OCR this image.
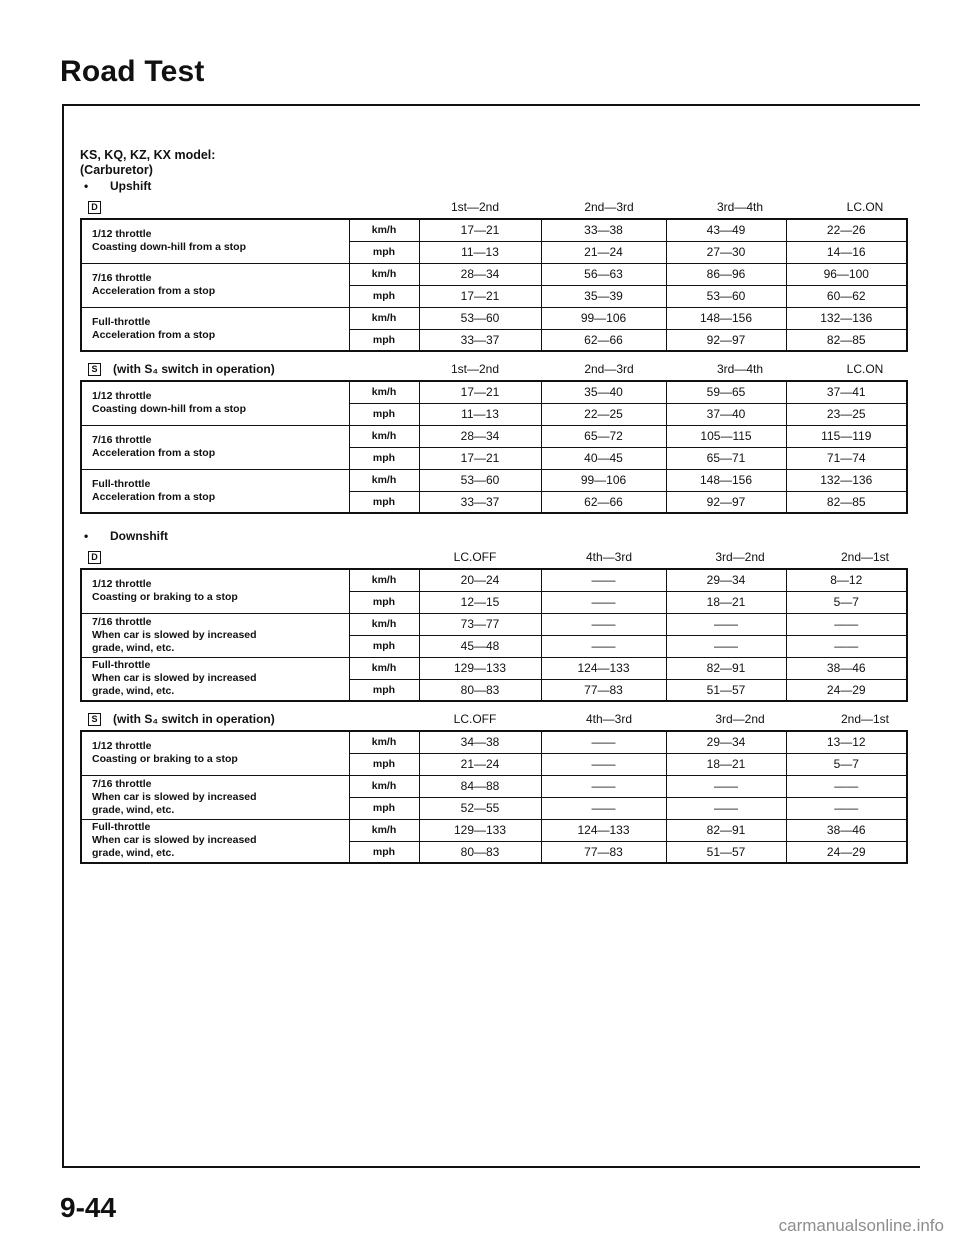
Road Test
KS, KQ, KZ, KX model:
(Carburetor)
• Upshift
D	1st—2nd	2nd—3rd	3rd—4th	LC.ON
1/12 throttle
Coasting down-hill from a stop	km/h	17—21	33—38	43—49	22—26
	mph	11—13	21—24	27—30	14—16

7/16 throttle
Acceleration from a stop	km/h	28—34	56—63	86—96	96—100
	mph	17—21	35—39	53—60	60—62

Full-throttle
Acceleration from a stop	km/h	53—60	99—106	148—156	132—136
	mph	33—37	62—66	92—97	82—85
S (with S₄ switch in operation)	1st—2nd	2nd—3rd	3rd—4th	LC.ON
1/12 throttle
Coasting down-hill from a stop	km/h	17—21	35—40	59—65	37—41
	mph	11—13	22—25	37—40	23—25

7/16 throttle
Acceleration from a stop	km/h	28—34	65—72	105—115	115—119
	mph	17—21	40—45	65—71	71—74

Full-throttle
Acceleration from a stop	km/h	53—60	99—106	148—156	132—136
	mph	33—37	62—66	92—97	82—85
• Downshift
D	LC.OFF	4th—3rd	3rd—2nd	2nd—1st
1/12 throttle
Coasting or braking to a stop	km/h	20—24	——	29—34	8—12
	mph	12—15	——	18—21	5—7

7/16 throttle
When car is slowed by increased
grade, wind, etc.	km/h	73—77	——	——	——
	mph	45—48	——	——	——

Full-throttle
When car is slowed by increased
grade, wind, etc.	km/h	129—133	124—133	82—91	38—46
	mph	80—83	77—83	51—57	24—29
S (with S₄ switch in operation)	LC.OFF	4th—3rd	3rd—2nd	2nd—1st
1/12 throttle
Coasting or braking to a stop	km/h	34—38	——	29—34	13—12
	mph	21—24	——	18—21	5—7

7/16 throttle
When car is slowed by increased
grade, wind, etc.	km/h	84—88	——	——	——
	mph	52—55	——	——	——

Full-throttle
When car is slowed by increased
grade, wind, etc.	km/h	129—133	124—133	82—91	38—46
	mph	80—83	77—83	51—57	24—29
9-44
carmanualsonline.info
